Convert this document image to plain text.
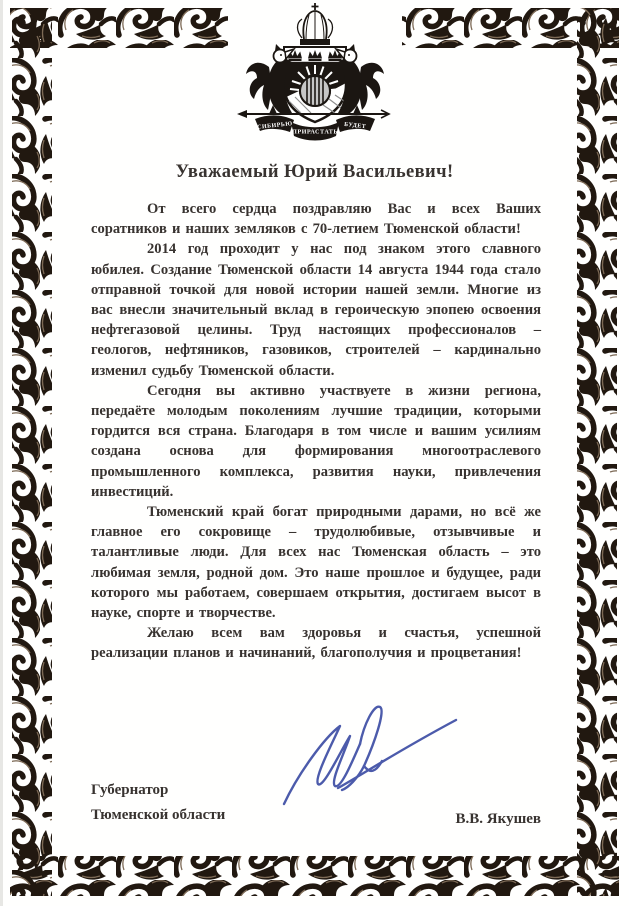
СИБИРЬЮ
ПРИРАСТАТЬ
БУДЕТ
Уважаемый Юрий Васильевич!

От всего сердца поздравляю Вас и всех Ваших соратников и наших земляков с 70-летием Тюменской области!

2014 год проходит у нас под знаком этого славного юбилея. Создание Тюменской области 14 августа 1944 года стало отправной точкой для новой истории нашей земли. Многие из вас внесли значительный вклад в героическую эпопею освоения нефтегазовой целины. Труд настоящих профессионалов – геологов, нефтяников, газовиков, строителей – кардинально изменил судьбу Тюменской области.

Сегодня вы активно участвуете в жизни региона, передаёте молодым поколениям лучшие традиции, которыми гордится вся страна. Благодаря в том числе и вашим усилиям создана основа для формирования многоотраслевого промышленного комплекса, развития науки, привлечения инвестиций.

Тюменский край богат природными дарами, но всё же главное его сокровище – трудолюбивые, отзывчивые и талантливые люди. Для всех нас Тюменская область – это любимая земля, родной дом. Это наше прошлое и будущее, ради которого мы работаем, совершаем открытия, достигаем высот в науке, спорте и творчестве.

Желаю всем вам здоровья и счастья, успешной реализации планов и начинаний, благополучия и процветания!

Губернатор
Тюменской области	В.В. Якушев
